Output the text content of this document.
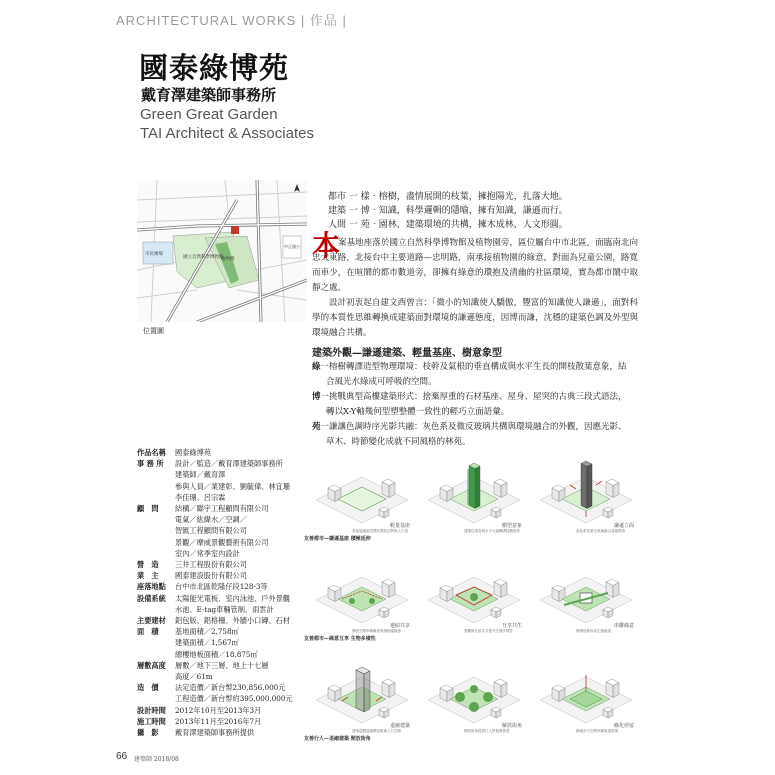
ARCHITECTURAL WORKS | 作品 |
國泰綠博苑
戴育澤建築師事務所
Green Great Garden
TAI Architect & Associates
市民廣場
國立自然科學博物館
植物園
中正國小
位置圖
都市 一 樣‧榕樹，盡情展開的枝葉，擁抱陽光，扎落大地。
建築 一 博‧知識，科學邏輯的隱喻，擁有知識，謙遜而行。
人間 一 苑‧園林，建築環境的共構，擁木成林，人文形圓。
本
案基地座落於國立自然科學博物館及植物園旁，區位屬台中市北區，面臨南北向忠太東路，北接台中主要道路—忠明路，南承接植物園的綠意，對面為兒童公園，路寬而車少，在喧鬧的都市數道旁，卻擁有綠意的環抱及清幽的社區環境，實為都市鬧中取靜之處。
設計初衷起自建文西曾言：「微小的知識使人驕傲，豐富的知識使人謙遜」，面對科學的本質性思維轉換成建築面對環境的謙遜態度，因博而謙，沈穩的建築色調及外型與環境融合共構。
建築外觀—謙遜建築、輕量基座、樹意象型
綠一榕樹轉譯造型物理環境：枝幹及氣根的垂直構成與水平生長的開枝散葉意象，結
合風光水綠成可呼吸的空間。
博一挑戰典型高樓建築形式：捨棄厚重的石材基座、屋身、屋突的古典三段式語法，
轉以X-Y軸幾何型塑整體一致性的輕巧立面語彙。
苑一謙讓色調時序光影共融：灰色系及微反玻璃共構與環境融合的外觀，因應光影、
草木、時節變化成就不同風格的林苑。
作品名稱	國泰綠博苑
事 務 所	設計／監造／戴育澤建築師事務所
建築師／戴育澤
參與人員／業建彰、劉毓偉、林宜珊
李佳珊、呂宗霖
顧　問	結構／聯宇工程顧問有限公司
電氣／紘緯水／空調／
智匯工程顧問有限公司
景觀／摩威景觀藝術有限公司
室內／常季室內設計
營　造	三井工程股份有限公司
業　主	國泰建設股份有限公司
座落地點	台中市北區乾隆仔段128-3等
設備系統	太陽能光電板、室內泳池、戶外景觀
水池、E-tag車輛管制、雨雲計
主要建材	鋁包版、鋁格柵、外牆小口磚、石材
面　積	基地面積／2,758㎡
建築面積／1,567㎡
總樓地板面積／18,875㎡
層數高度	層數／地下三層、地上十七層
高度／61m
造　價	法定造價／新台幣230,856,000元
工程造價／新台幣約395,000,000元
設計時間	2012年10月至2013年3月
施工時間	2013年11月至2016年7月
攝　影	戴育澤建築師事務所提供
輕量基座	樹型意象	謙遜立面
基地退縮留設帶狀開放空間與人行道	建築以垂直與水平元素轉譯榕樹意象	灰色系及微反玻璃融合周邊環境
友善都市—謙遜基座 積極延伸
連結共享	互享共生	串聯綠意
開放空間串聯鄰里與植物園綠意	景觀與社區共享提升生態多樣性	綠帶延伸形成生態廊道
友善都市—綠意互享 生物多樣性
退縮建築	解放街角	綠化停留
建築量體退縮釋放街廓人行空間	開放街角提供行人停留與休憩	綠地步行空間串聯周邊環境
友善行人—退縮建築 開放街角
66 建築師 2018/08
